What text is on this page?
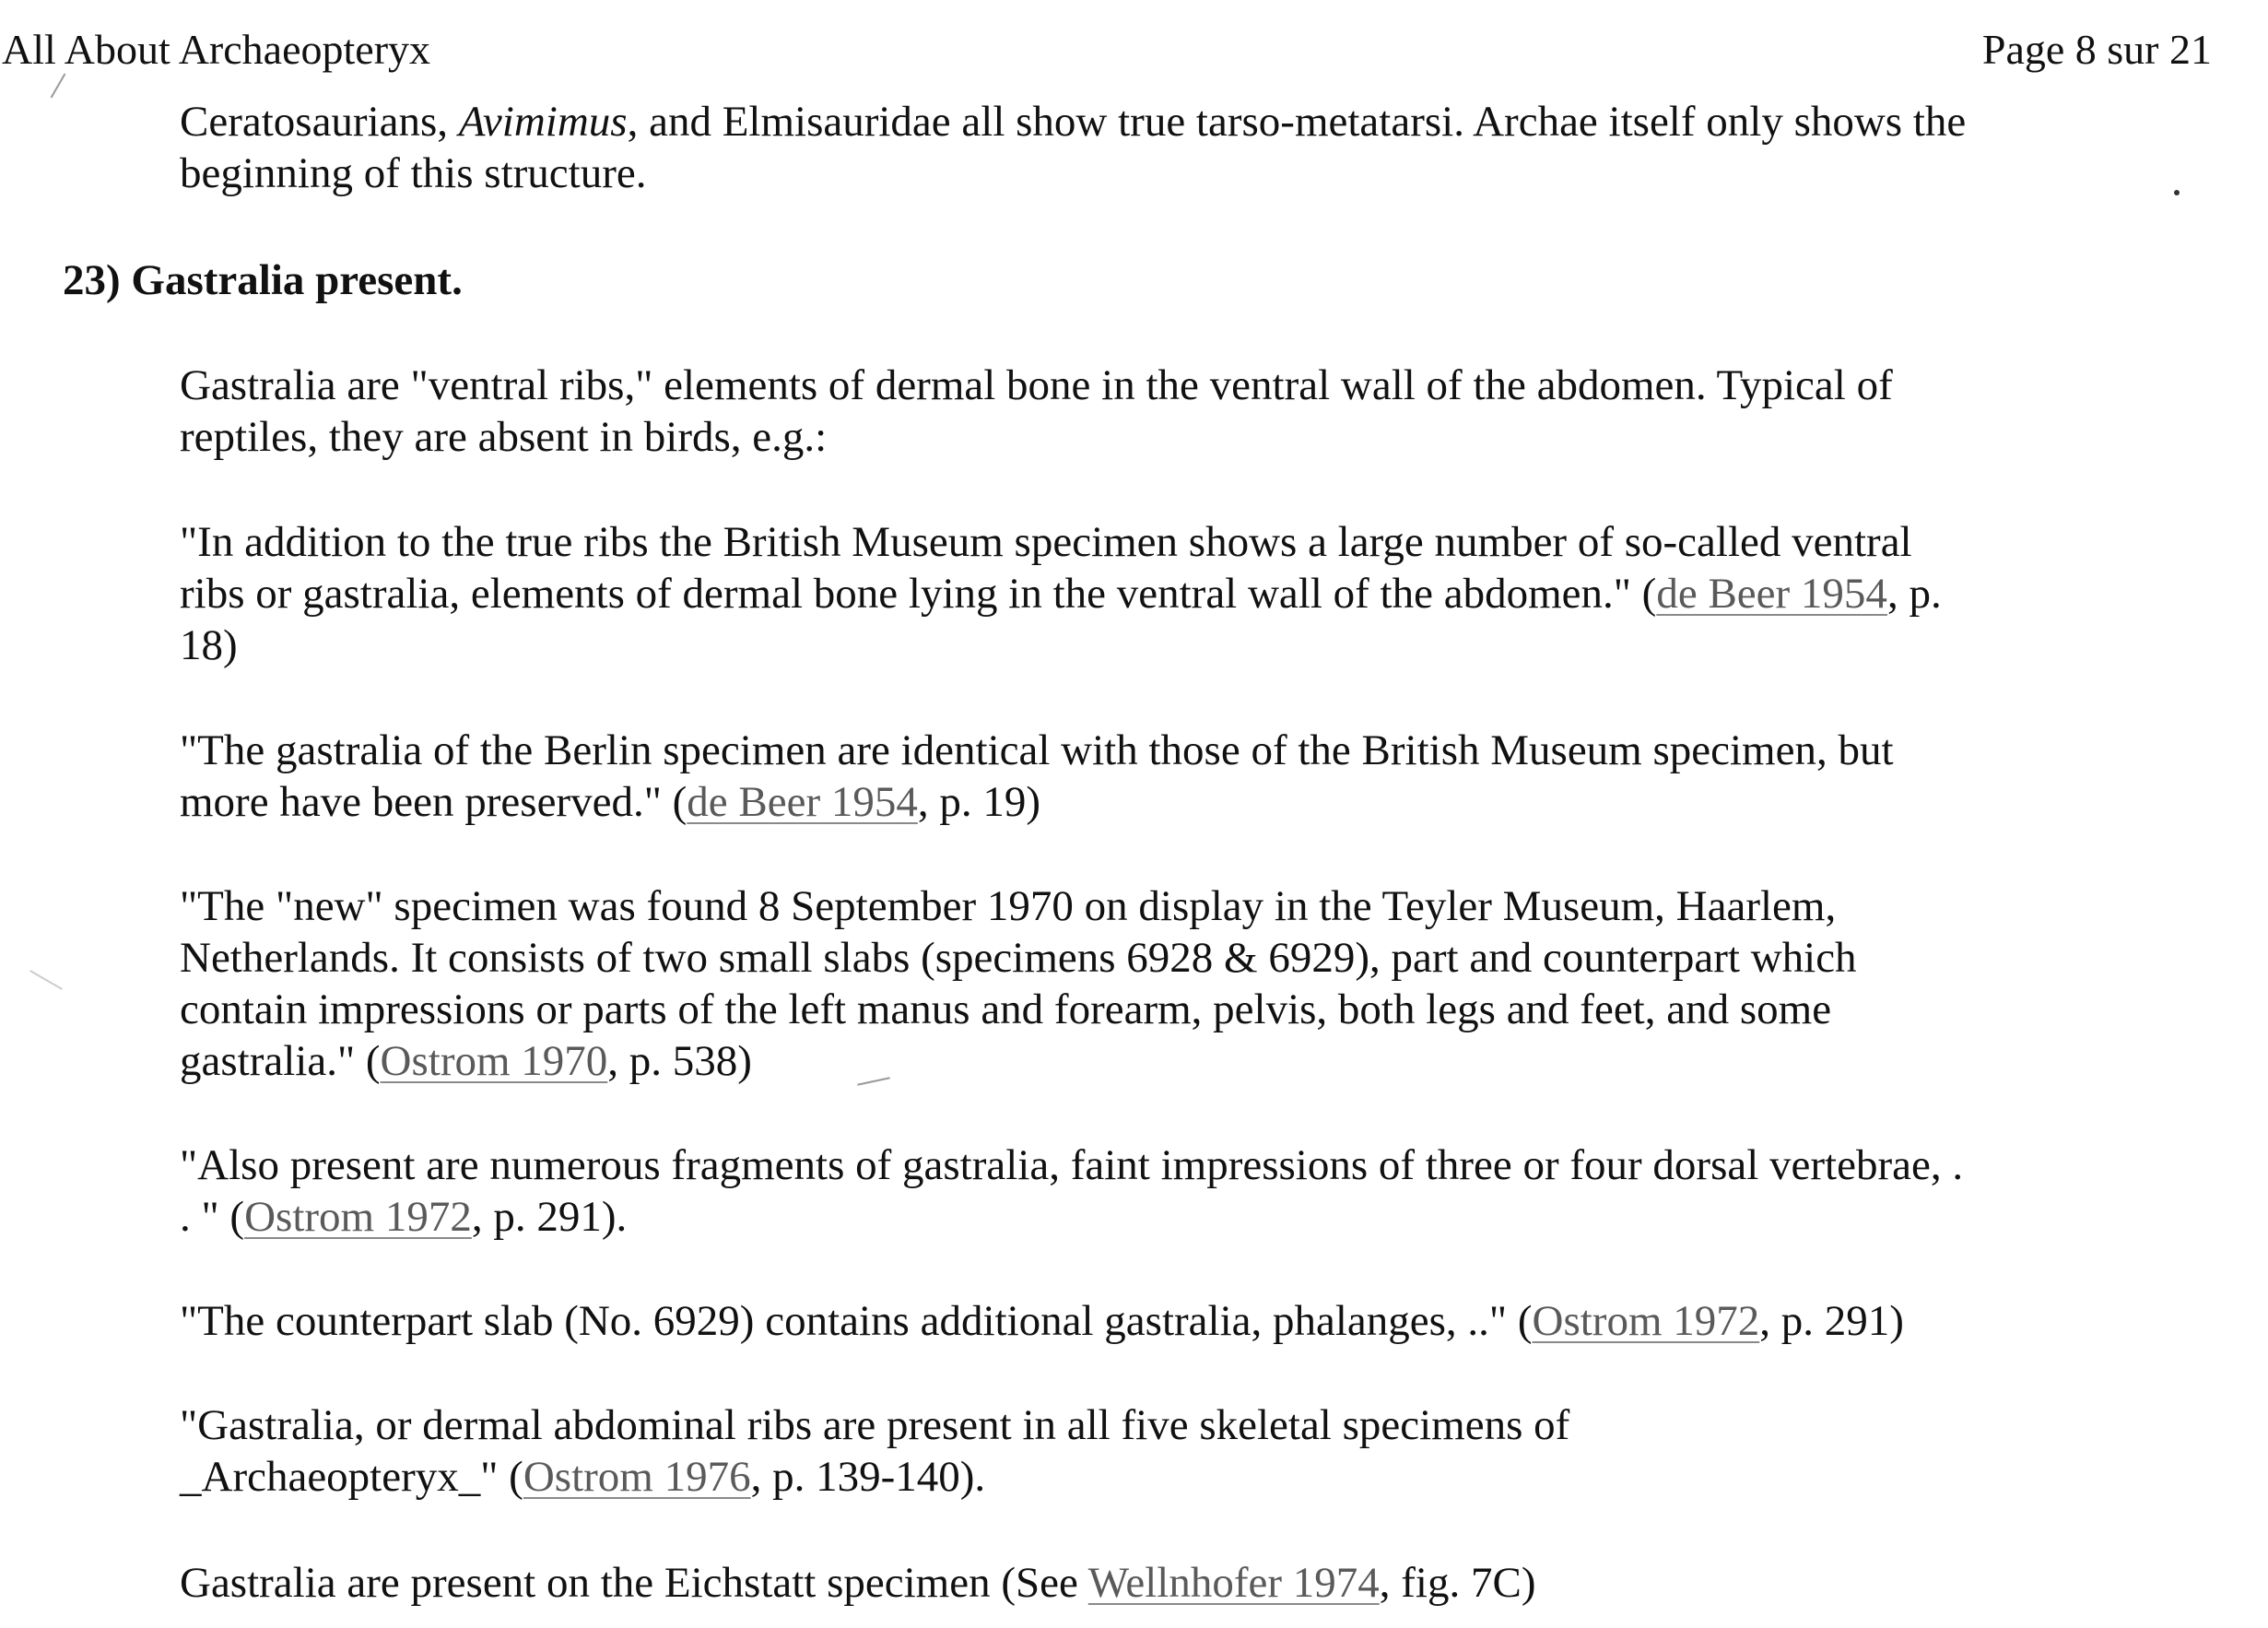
All About Archaeopteryx	Page 8 sur 21
Ceratosaurians, Avimimus, and Elmisauridae all show true tarso-metatarsi. Archae itself only shows the
beginning of this structure.
23) Gastralia present.
Gastralia are "ventral ribs," elements of dermal bone in the ventral wall of the abdomen. Typical of
reptiles, they are absent in birds, e.g.:
"In addition to the true ribs the British Museum specimen shows a large number of so-called ventral
ribs or gastralia, elements of dermal bone lying in the ventral wall of the abdomen." (de Beer 1954, p.
18)
"The gastralia of the Berlin specimen are identical with those of the British Museum specimen, but
more have been preserved." (de Beer 1954, p. 19)
"The "new" specimen was found 8 September 1970 on display in the Teyler Museum, Haarlem,
Netherlands. It consists of two small slabs (specimens 6928 & 6929), part and counterpart which
contain impressions or parts of the left manus and forearm, pelvis, both legs and feet, and some
gastralia." (Ostrom 1970, p. 538)
"Also present are numerous fragments of gastralia, faint impressions of three or four dorsal vertebrae, .
. " (Ostrom 1972, p. 291).
"The counterpart slab (No. 6929) contains additional gastralia, phalanges, .." (Ostrom 1972, p. 291)
"Gastralia, or dermal abdominal ribs are present in all five skeletal specimens of
_Archaeopteryx_" (Ostrom 1976, p. 139-140).
Gastralia are present on the Eichstatt specimen (See Wellnhofer 1974, fig. 7C)
